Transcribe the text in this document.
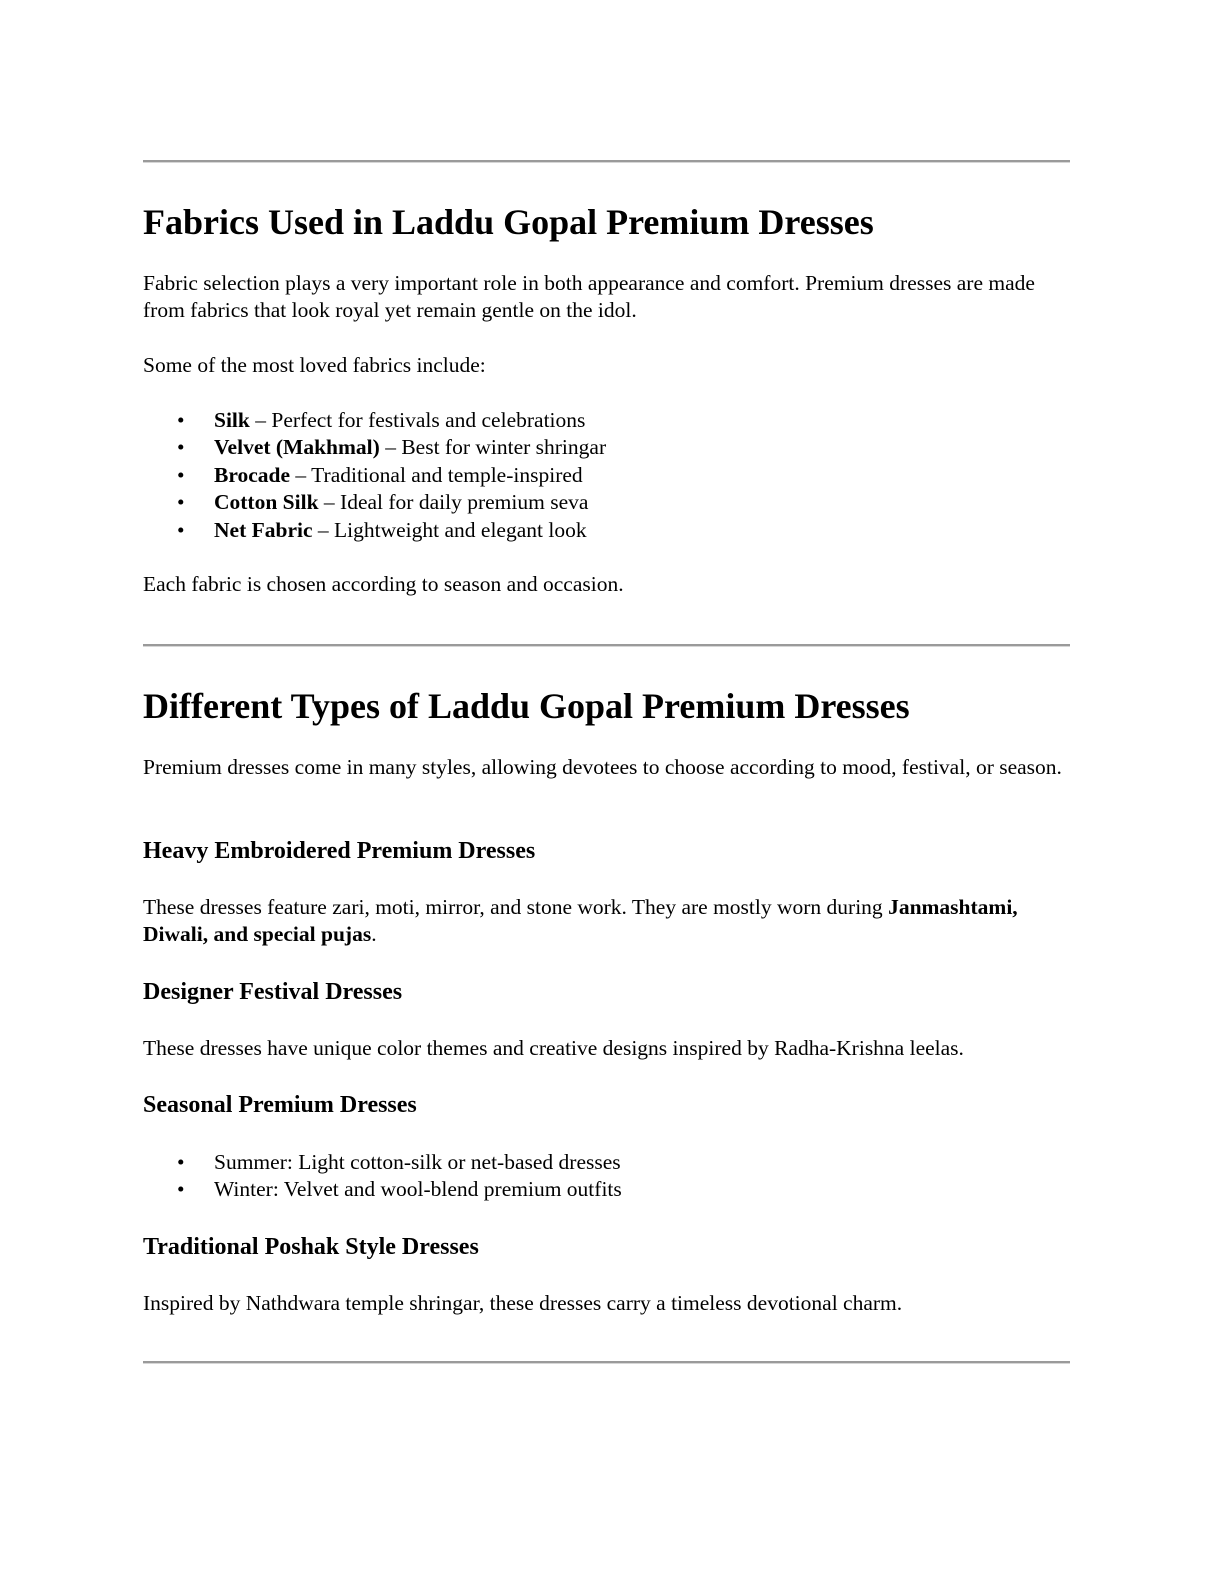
Fabrics Used in Laddu Gopal Premium Dresses

Fabric selection plays a very important role in both appearance and comfort. Premium dresses are made from fabrics that look royal yet remain gentle on the idol.

Some of the most loved fabrics include:

• Silk – Perfect for festivals and celebrations
• Velvet (Makhmal) – Best for winter shringar
• Brocade – Traditional and temple-inspired
• Cotton Silk – Ideal for daily premium seva
• Net Fabric – Lightweight and elegant look

Each fabric is chosen according to season and occasion.

Different Types of Laddu Gopal Premium Dresses

Premium dresses come in many styles, allowing devotees to choose according to mood, festival, or season.

Heavy Embroidered Premium Dresses

These dresses feature zari, moti, mirror, and stone work. They are mostly worn during Janmashtami, Diwali, and special pujas.

Designer Festival Dresses

These dresses have unique color themes and creative designs inspired by Radha-Krishna leelas.

Seasonal Premium Dresses
• Summer: Light cotton-silk or net-based dresses
• Winter: Velvet and wool-blend premium outfits
Traditional Poshak Style Dresses

Inspired by Nathdwara temple shringar, these dresses carry a timeless devotional charm.
